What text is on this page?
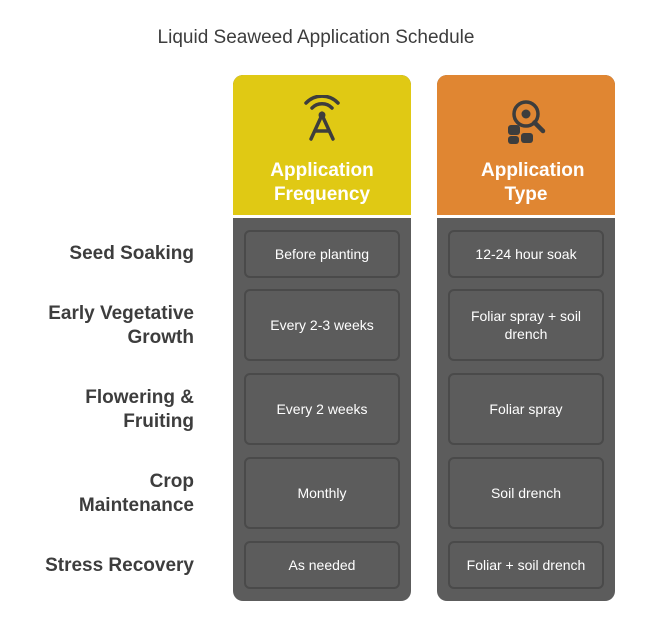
Liquid Seaweed Application Schedule
Application Frequency
Before planting
Every 2-3 weeks
Every 2 weeks
Monthly
As needed
Application Type
12-24 hour soak
Foliar spray + soil drench
Foliar spray
Soil drench
Foliar + soil drench
Seed Soaking
Early Vegetative Growth
Flowering & Fruiting
Crop Maintenance
Stress Recovery
